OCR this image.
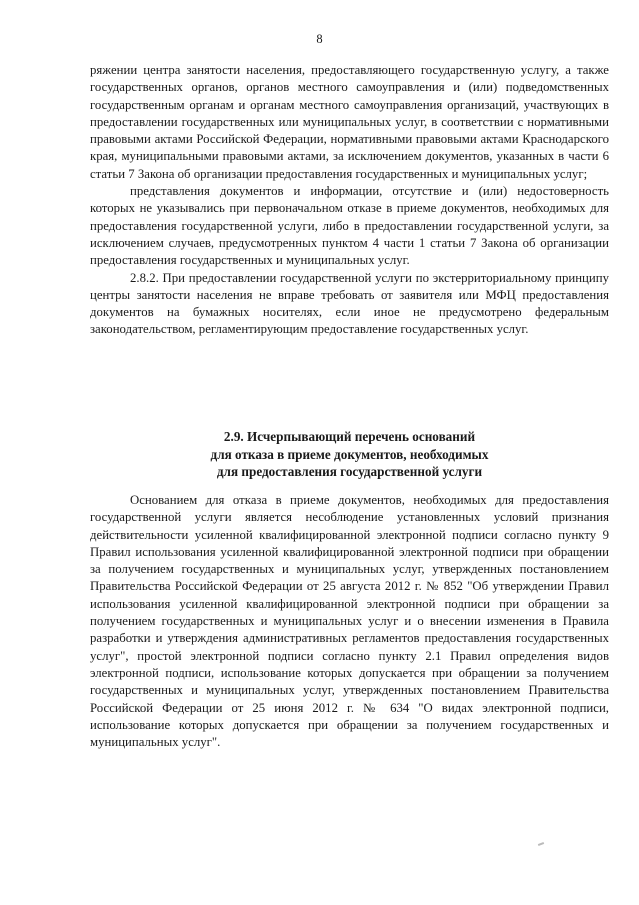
8

ряжении центра занятости населения, предоставляющего государственную услугу, а также государственных органов, органов местного самоуправления и (или) подведомственных государственным органам и органам местного самоуправления организаций, участвующих в предоставлении государственных или муниципальных услуг, в соответствии с нормативными правовыми актами Российской Федерации, нормативными правовыми актами Краснодарского края, муниципальными правовыми актами, за исключением документов, указанных в части 6 статьи 7 Закона об организации предоставления государственных и муниципальных услуг;

представления документов и информации, отсутствие и (или) недостоверность которых не указывались при первоначальном отказе в приеме документов, необходимых для предоставления государственной услуги, либо в предоставлении государственной услуги, за исключением случаев, предусмотренных пунктом 4 части 1 статьи 7 Закона об организации предоставления государственных и муниципальных услуг.

2.8.2. При предоставлении государственной услуги по экстерриториальному принципу центры занятости населения не вправе требовать от заявителя или МФЦ предоставления документов на бумажных носителях, если иное не предусмотрено федеральным законодательством, регламентирующим предоставление государственных услуг.

2.9. Исчерпывающий перечень оснований
для отказа в приеме документов, необходимых
для предоставления государственной услуги

Основанием для отказа в приеме документов, необходимых для предоставления государственной услуги является несоблюдение установленных условий признания действительности усиленной квалифицированной электронной подписи согласно пункту 9 Правил использования усиленной квалифицированной электронной подписи при обращении за получением государственных и муниципальных услуг, утвержденных постановлением Правительства Российской Федерации от 25 августа 2012 г. № 852 "Об утверждении Правил использования усиленной квалифицированной электронной подписи при обращении за получением государственных и муниципальных услуг и о внесении изменения в Правила разработки и утверждения административных регламентов предоставления государственных услуг", простой электронной подписи согласно пункту 2.1 Правил определения видов электронной подписи, использование которых допускается при обращении за получением государственных и муниципальных услуг, утвержденных постановлением Правительства Российской Федерации от 25 июня 2012 г. № 634 "О видах электронной подписи, использование которых допускается при обращении за получением государственных и муниципальных услуг".
